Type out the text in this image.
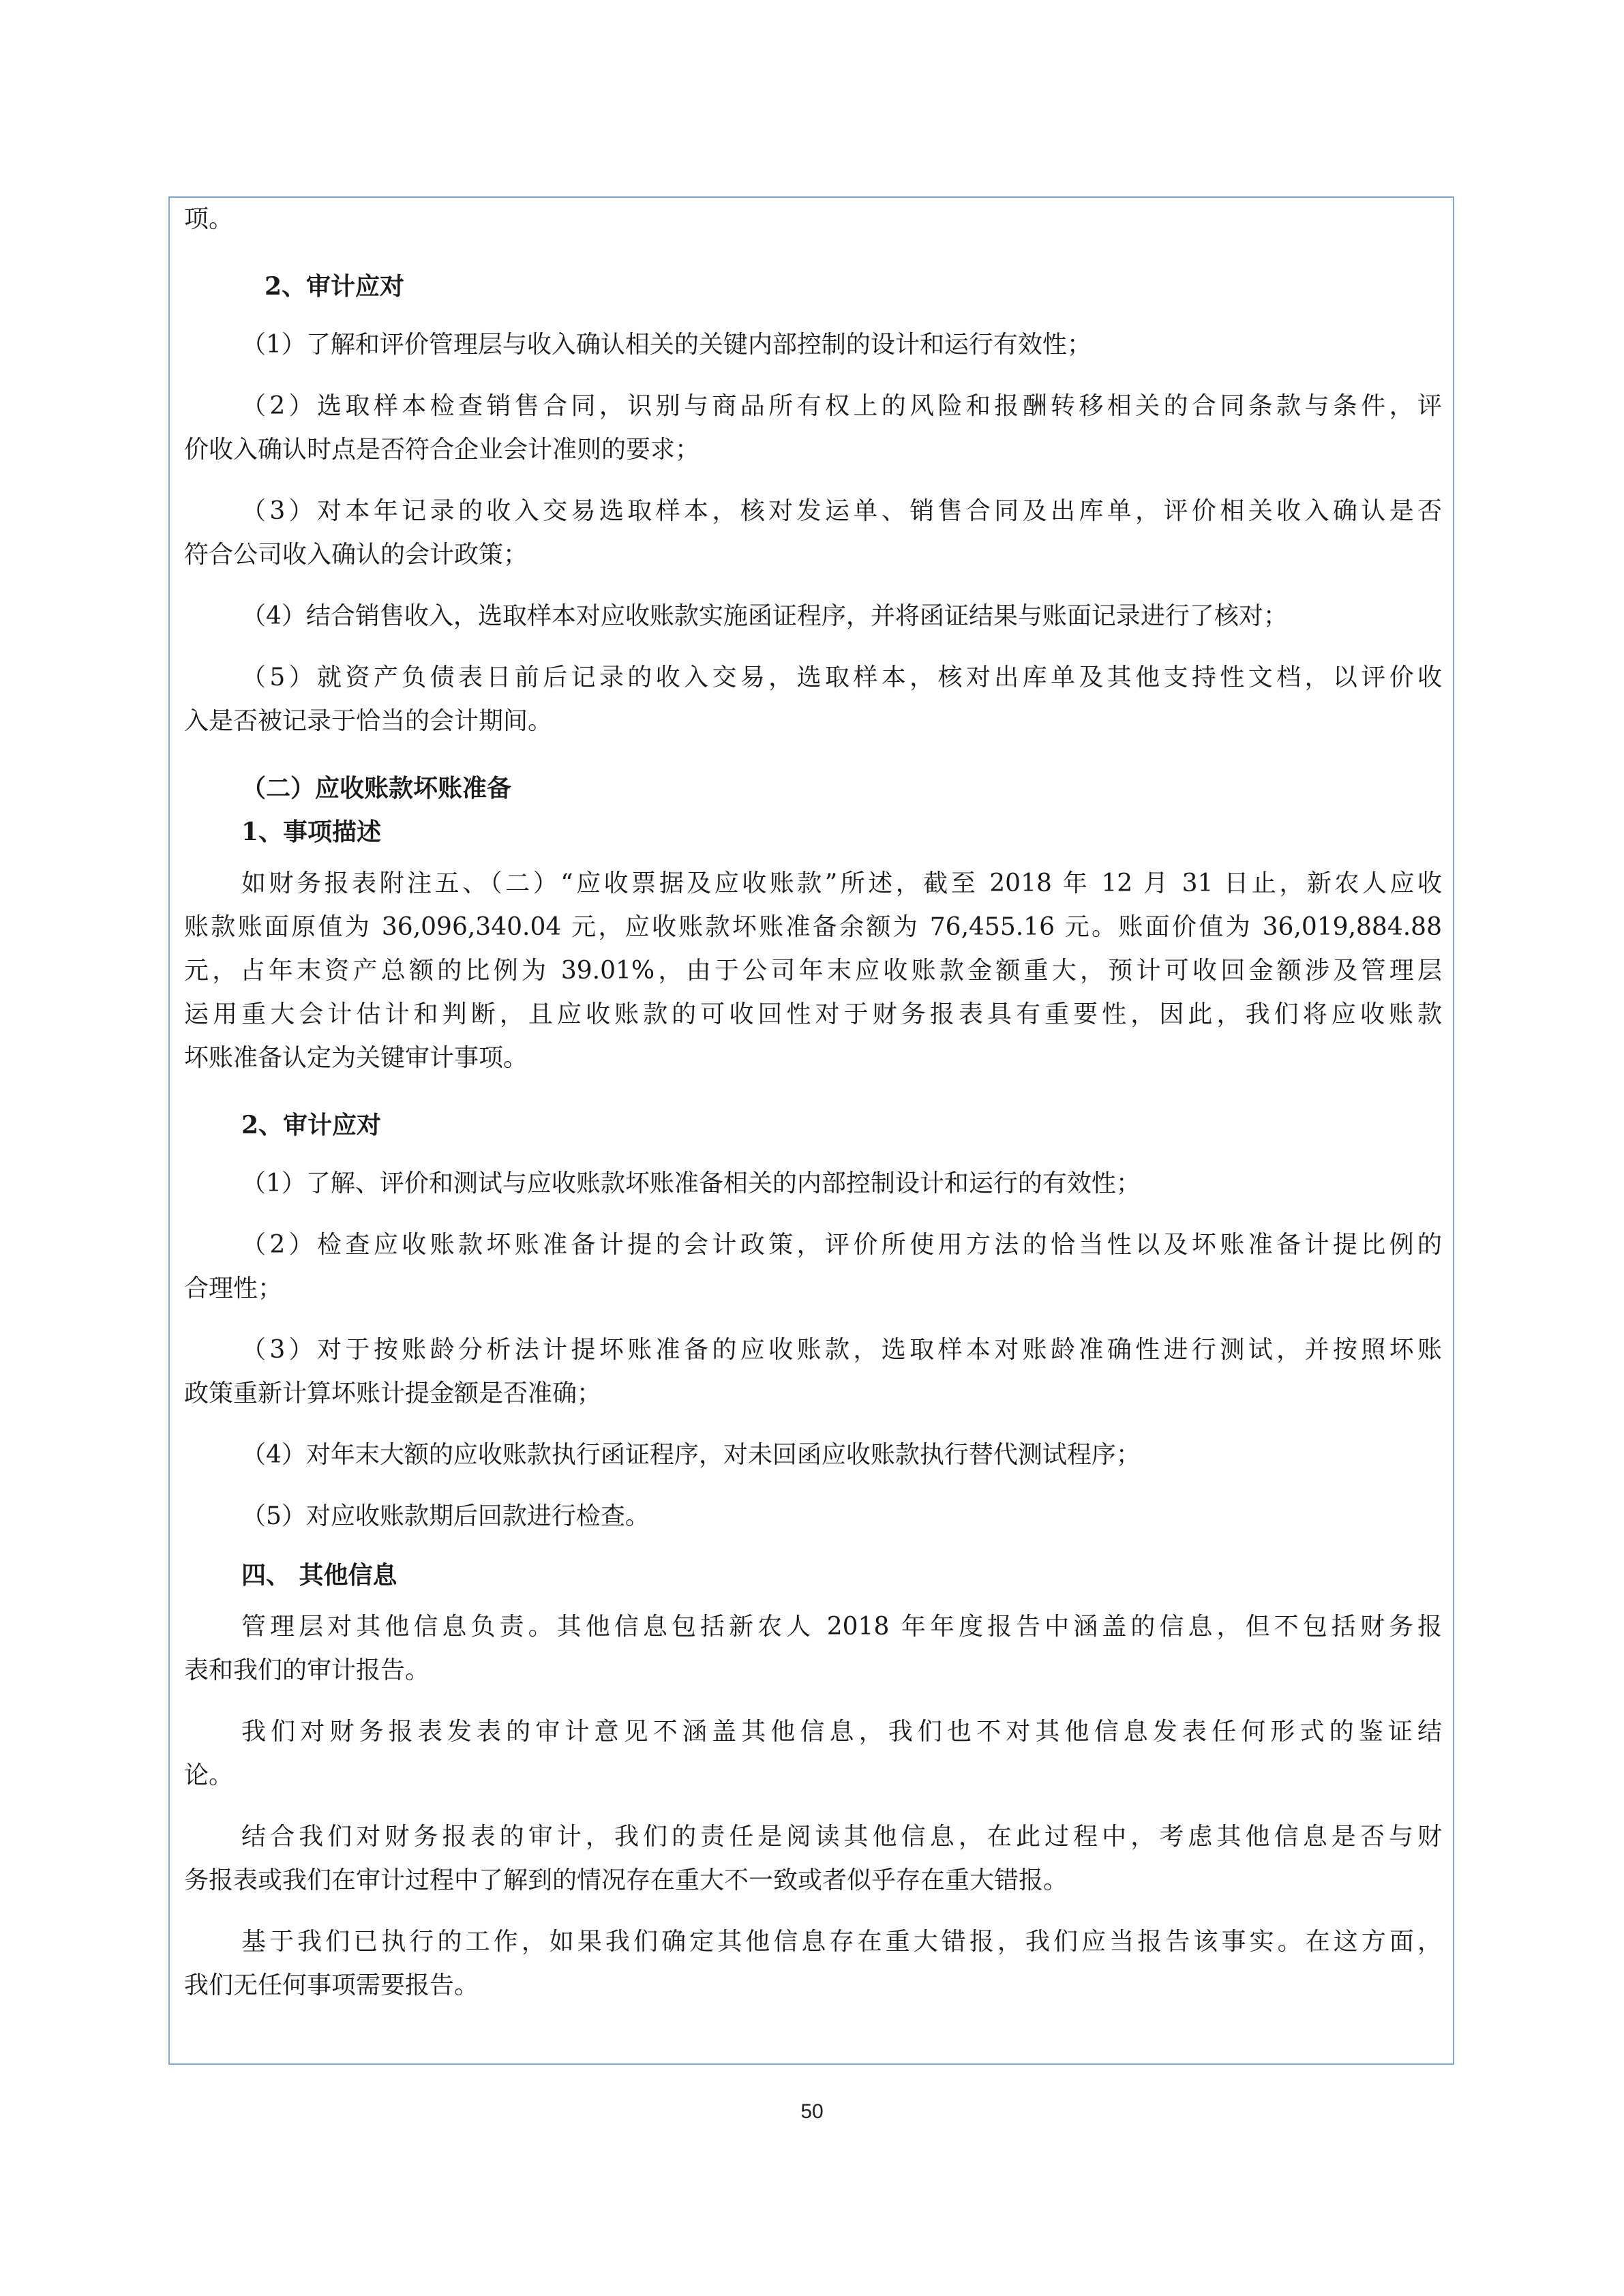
项。

2、审计应对

（1）了解和评价管理层与收入确认相关的关键内部控制的设计和运行有效性；

（2）选取样本检查销售合同，识别与商品所有权上的风险和报酬转移相关的合同条款与条件，评

价收入确认时点是否符合企业会计准则的要求；

（3）对本年记录的收入交易选取样本，核对发运单、销售合同及出库单，评价相关收入确认是否

符合公司收入确认的会计政策；

（4）结合销售收入，选取样本对应收账款实施函证程序，并将函证结果与账面记录进行了核对；

（5）就资产负债表日前后记录的收入交易，选取样本，核对出库单及其他支持性文档，以评价收

入是否被记录于恰当的会计期间。

（二）应收账款坏账准备

1、事项描述

如财务报表附注五、（二）“应收票据及应收账款”所述，截至 2018 年 12 月 31 日止，新农人应收

账款账面原值为 36,096,340.04 元，应收账款坏账准备余额为 76,455.16 元。账面价值为 36,019,884.88

元，占年末资产总额的比例为 39.01%，由于公司年末应收账款金额重大，预计可收回金额涉及管理层

运用重大会计估计和判断，且应收账款的可收回性对于财务报表具有重要性，因此，我们将应收账款

坏账准备认定为关键审计事项。

2、审计应对

（1）了解、评价和测试与应收账款坏账准备相关的内部控制设计和运行的有效性；

（2）检查应收账款坏账准备计提的会计政策，评价所使用方法的恰当性以及坏账准备计提比例的

合理性；

（3）对于按账龄分析法计提坏账准备的应收账款，选取样本对账龄准确性进行测试，并按照坏账

政策重新计算坏账计提金额是否准确；

（4）对年末大额的应收账款执行函证程序，对未回函应收账款执行替代测试程序；

（5）对应收账款期后回款进行检查。

四、 其他信息

管理层对其他信息负责。其他信息包括新农人 2018 年年度报告中涵盖的信息，但不包括财务报

表和我们的审计报告。

我们对财务报表发表的审计意见不涵盖其他信息，我们也不对其他信息发表任何形式的鉴证结

论。

结合我们对财务报表的审计，我们的责任是阅读其他信息，在此过程中，考虑其他信息是否与财

务报表或我们在审计过程中了解到的情况存在重大不一致或者似乎存在重大错报。

基于我们已执行的工作，如果我们确定其他信息存在重大错报，我们应当报告该事实。在这方面，

我们无任何事项需要报告。

50
